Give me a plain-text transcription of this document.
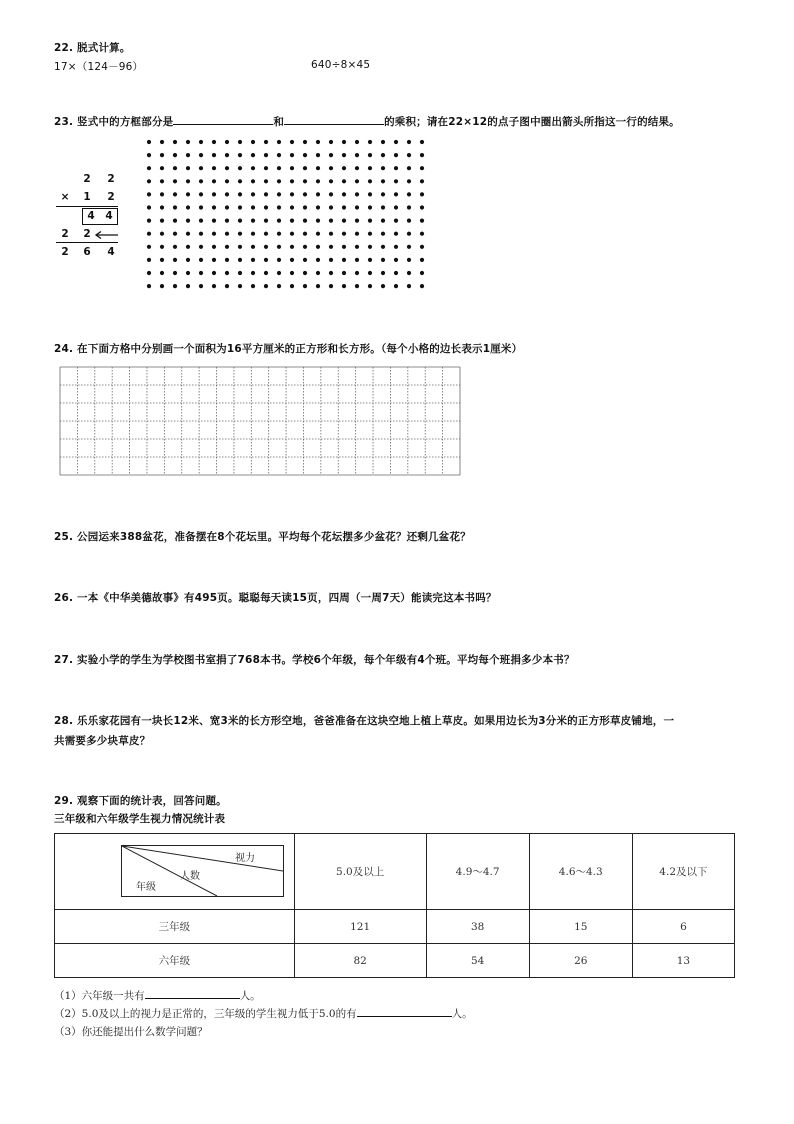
22. 脱式计算。
17×（124－96）	640÷8×45
23. 竖式中的方框部分是	和	的乘积；请在22×12的点子图中圈出箭头所指这一行的结果。
2	2
×	1	2
4	4
2	2
2	6	4
24. 在下面方格中分别画一个面积为16平方厘米的正方形和长方形。（每个小格的边长表示1厘米）
25. 公园运来388盆花，准备摆在8个花坛里。平均每个花坛摆多少盆花？还剩几盆花？
26. 一本《中华美德故事》有495页。聪聪每天读15页，四周（一周7天）能读完这本书吗？
27. 实验小学的学生为学校图书室捐了768本书。学校6个年级，每个年级有4个班。平均每个班捐多少本书？
28. 乐乐家花园有一块长12米、宽3米的长方形空地，爸爸准备在这块空地上植上草皮。如果用边长为3分米的正方形草皮铺地，一
共需要多少块草皮？
29. 观察下面的统计表，回答问题。
三年级和六年级学生视力情况统计表
视力
人数
年级	5.0及以上	4.9～4.7	4.6～4.3	4.2及以下
三年级	121	38	15	6
六年级	82	54	26	13
（1）六年级一共有	人。
（2）5.0及以上的视力是正常的，三年级的学生视力低于5.0的有	人。
（3）你还能提出什么数学问题？
